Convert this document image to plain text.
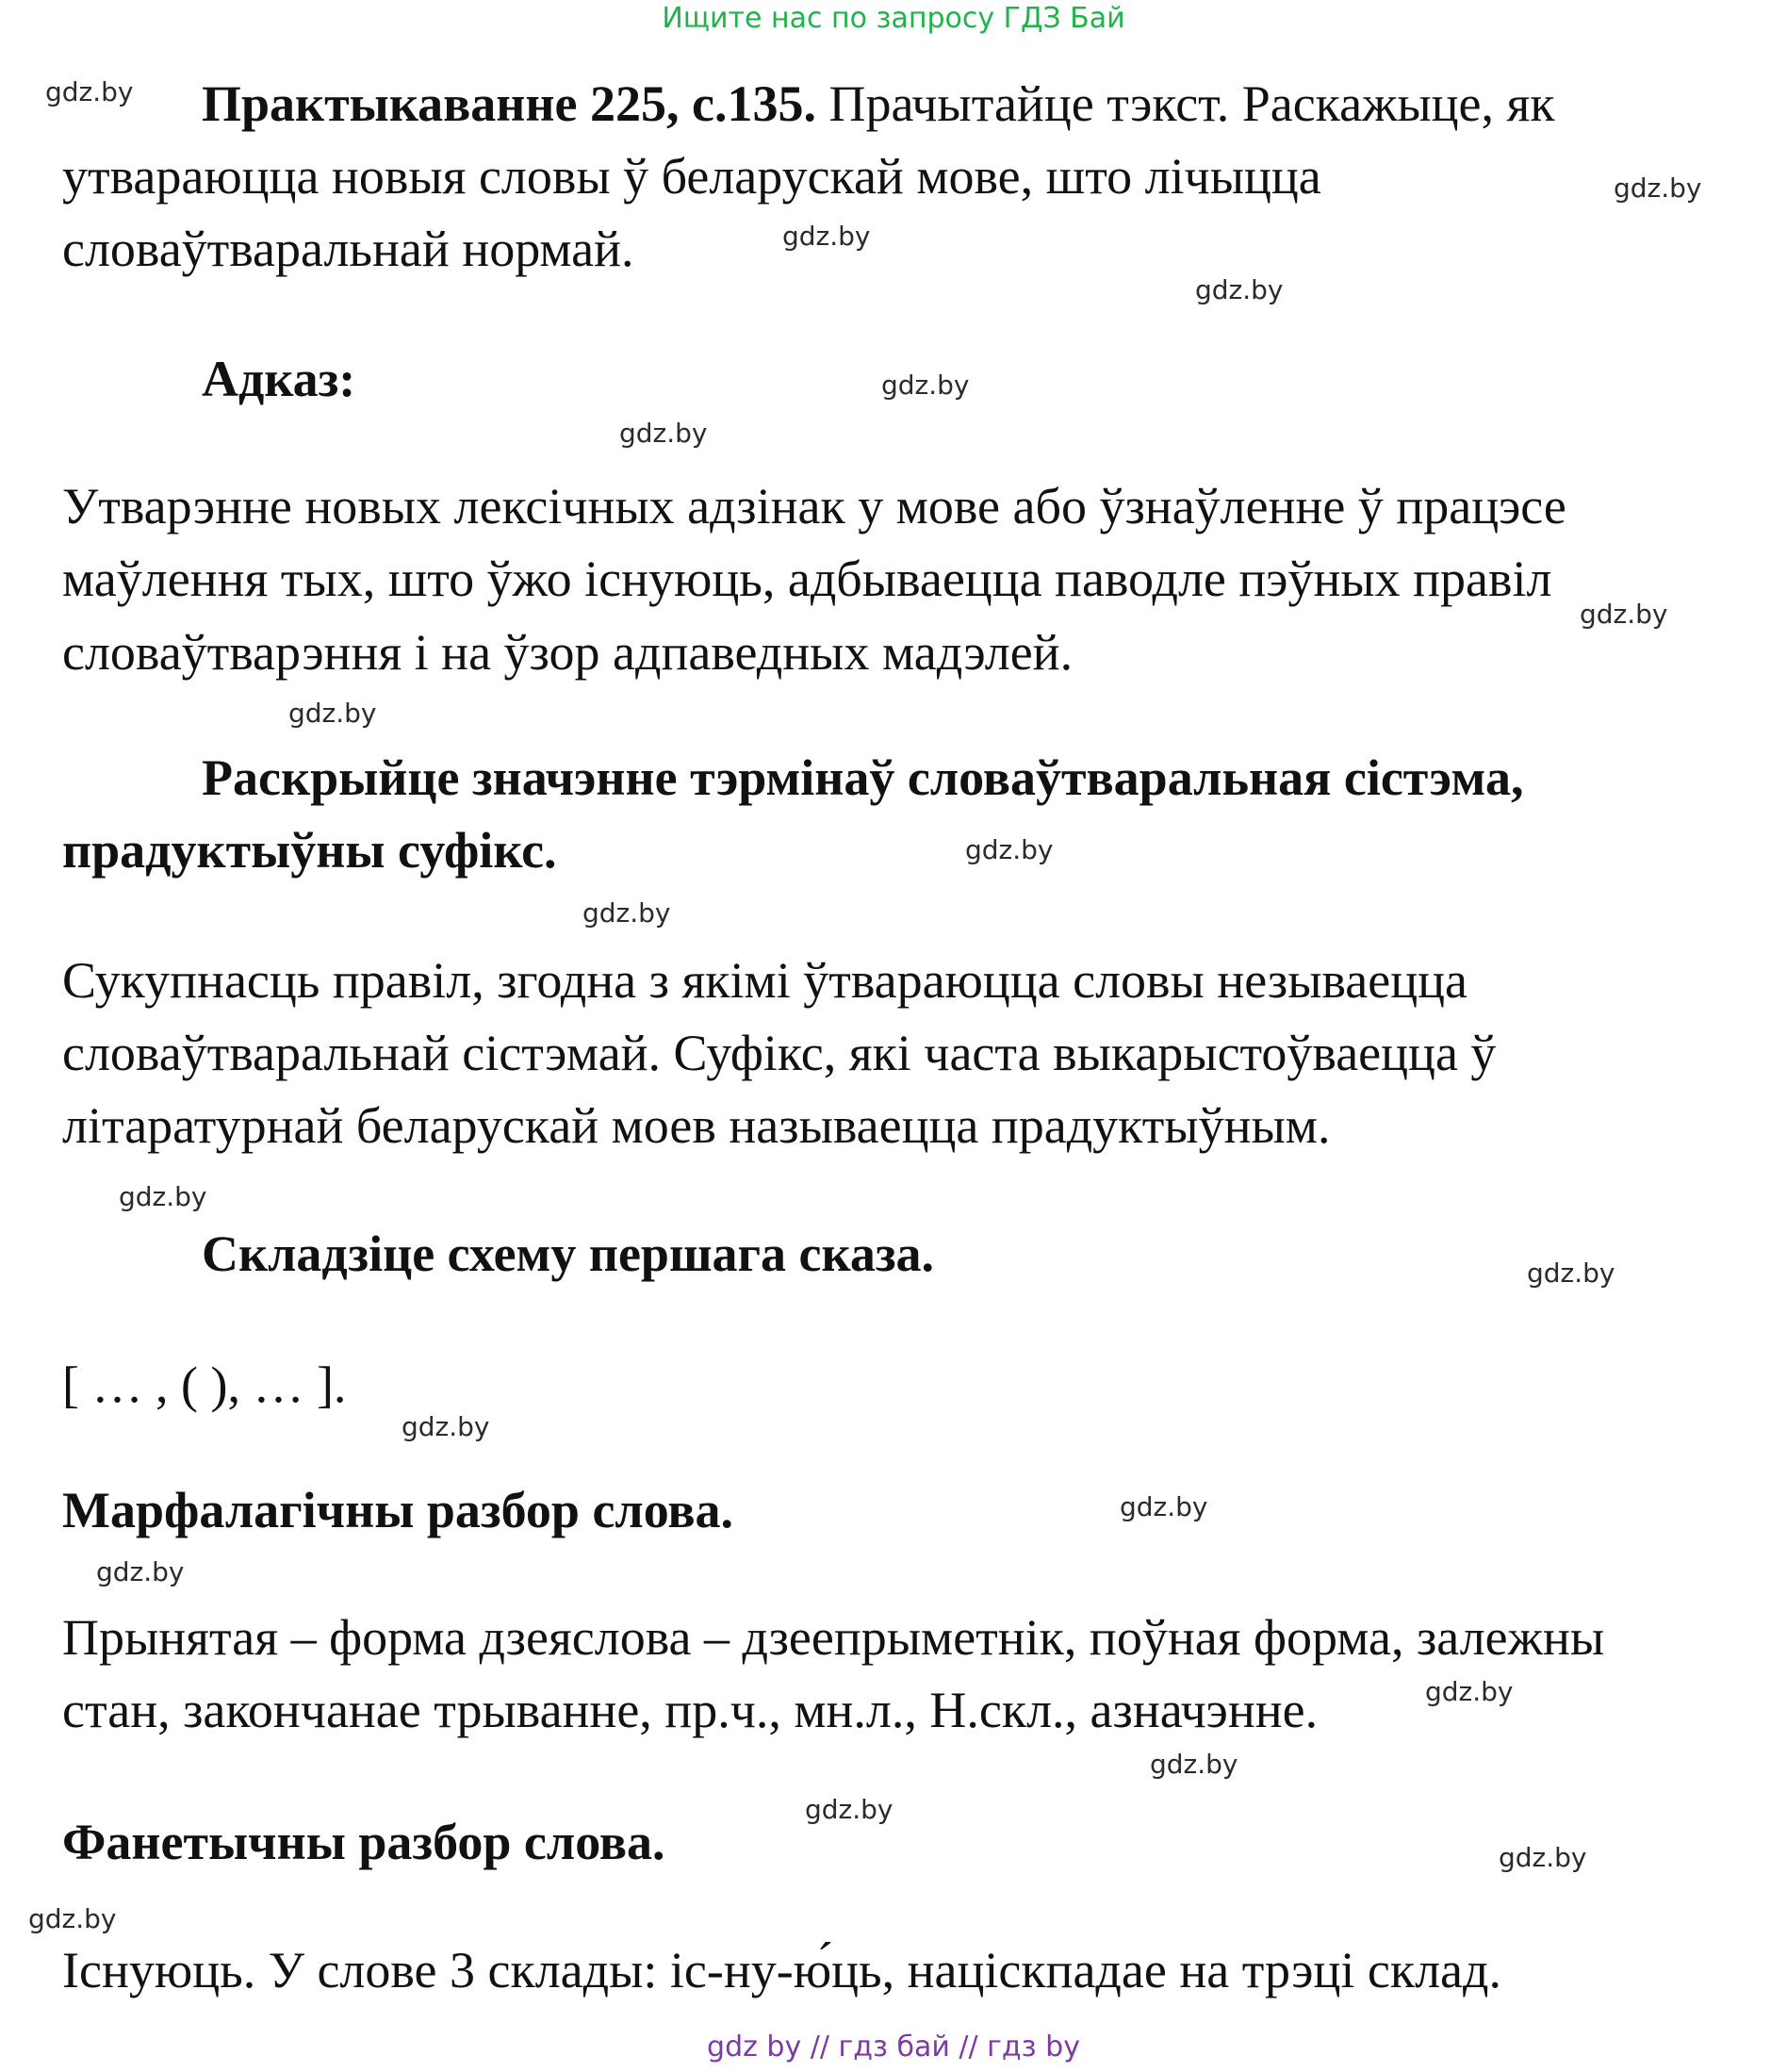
Ищите нас по запросу ГДЗ Бай
Практыкаванне 225, с.135. Прачытайце тэкст. Раскажыце, як
утвараюцца новыя словы ў беларускай мове, што лічыцца
словаўтваральнай нормай.
Адказ:
Утварэнне новых лексічных адзінак у мове або ўзнаўленне ў працэсе
маўлення тых, што ўжо існуюць, адбываецца паводле пэўных правіл
словаўтварэння і на ўзор адпаведных мадэлей.
Раскрыйце значэнне тэрмінаў словаўтваральная сістэма,
прадуктыўны суфікс.
Сукупнасць правіл, згодна з якімі ўтвараюцца словы незываецца
словаўтваральнай сістэмай. Суфікс, які часта выкарыстоўваецца ў
літаратурнай беларускай моев называецца прадуктыўным.
Складзіце схему першага сказа.
[ … , ( ), … ].
Марфалагічны разбор слова.
Прынятая – форма дзеяслова – дзеепрыметнік, поўная форма, залежны
стан, закончанае трыванне, пр.ч., мн.л., Н.скл., азначэнне.
Фанетычны разбор слова.
Існуюць. У слове 3 склады: іс-ну-ю́ць, націскпадае на трэці склад.
gdz.by
gdz.by
gdz.by
gdz.by
gdz.by
gdz.by
gdz.by
gdz.by
gdz.by
gdz.by
gdz.by
gdz.by
gdz.by
gdz.by
gdz.by
gdz.by
gdz.by
gdz.by
gdz.by
gdz.by
gdz by // гдз бай // гдз by
